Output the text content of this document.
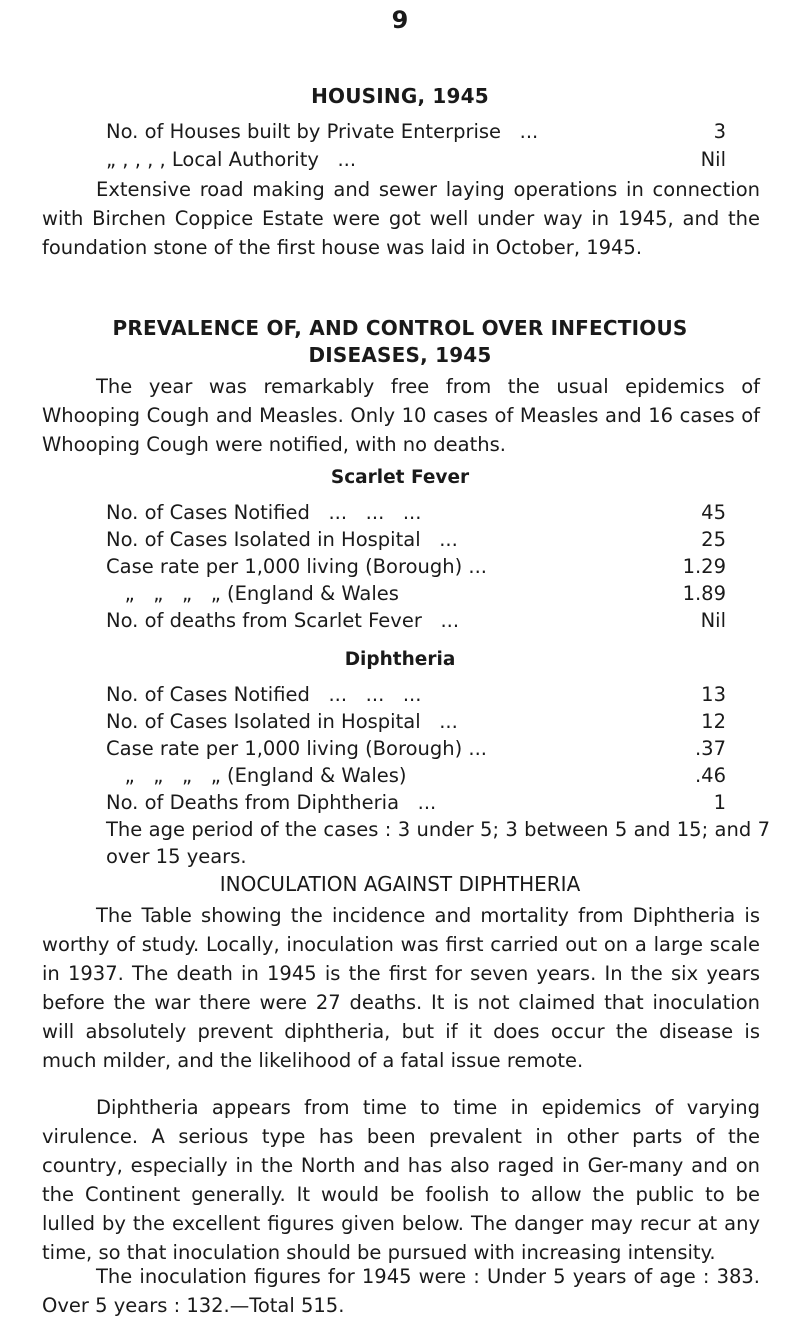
9
HOUSING, 1945
No. of Houses built by Private Enterprise   ...	3
„ , , , , Local Authority   ...	Nil
Extensive road making and sewer laying operations in connection with Birchen Coppice Estate were got well under way in 1945, and the foundation stone of the first house was laid in October, 1945.
PREVALENCE OF, AND CONTROL OVER INFECTIOUS
DISEASES, 1945
The year was remarkably free from the usual epidemics of Whooping Cough and Measles. Only 10 cases of Measles and 16 cases of Whooping Cough were notified, with no deaths.
Scarlet Fever
No. of Cases Notified   ...   ...   ...	45
No. of Cases Isolated in Hospital   ...	25
Case rate per 1,000 living (Borough) ...	1.29
„   „   „   „ (England & Wales	1.89
No. of deaths from Scarlet Fever   ...	Nil
Diphtheria
No. of Cases Notified   ...   ...   ...	13
No. of Cases Isolated in Hospital   ...	12
Case rate per 1,000 living (Borough) ...	.37
„   „   „   „ (England & Wales)	.46
No. of Deaths from Diphtheria   ...	1
The age period of the cases : 3 under 5; 3 between 5 and 15; and 7 over 15 years.
INOCULATION AGAINST DIPHTHERIA
The Table showing the incidence and mortality from Diphtheria is worthy of study. Locally, inoculation was first carried out on a large scale in 1937. The death in 1945 is the first for seven years. In the six years before the war there were 27 deaths. It is not claimed that inoculation will absolutely prevent diphtheria, but if it does occur the disease is much milder, and the likelihood of a fatal issue remote.
Diphtheria appears from time to time in epidemics of varying virulence. A serious type has been prevalent in other parts of the country, especially in the North and has also raged in Ger-many and on the Continent generally. It would be foolish to allow the public to be lulled by the excellent figures given below. The danger may recur at any time, so that inoculation should be pursued with increasing intensity.
The inoculation figures for 1945 were : Under 5 years of age : 383. Over 5 years : 132.—Total 515.
